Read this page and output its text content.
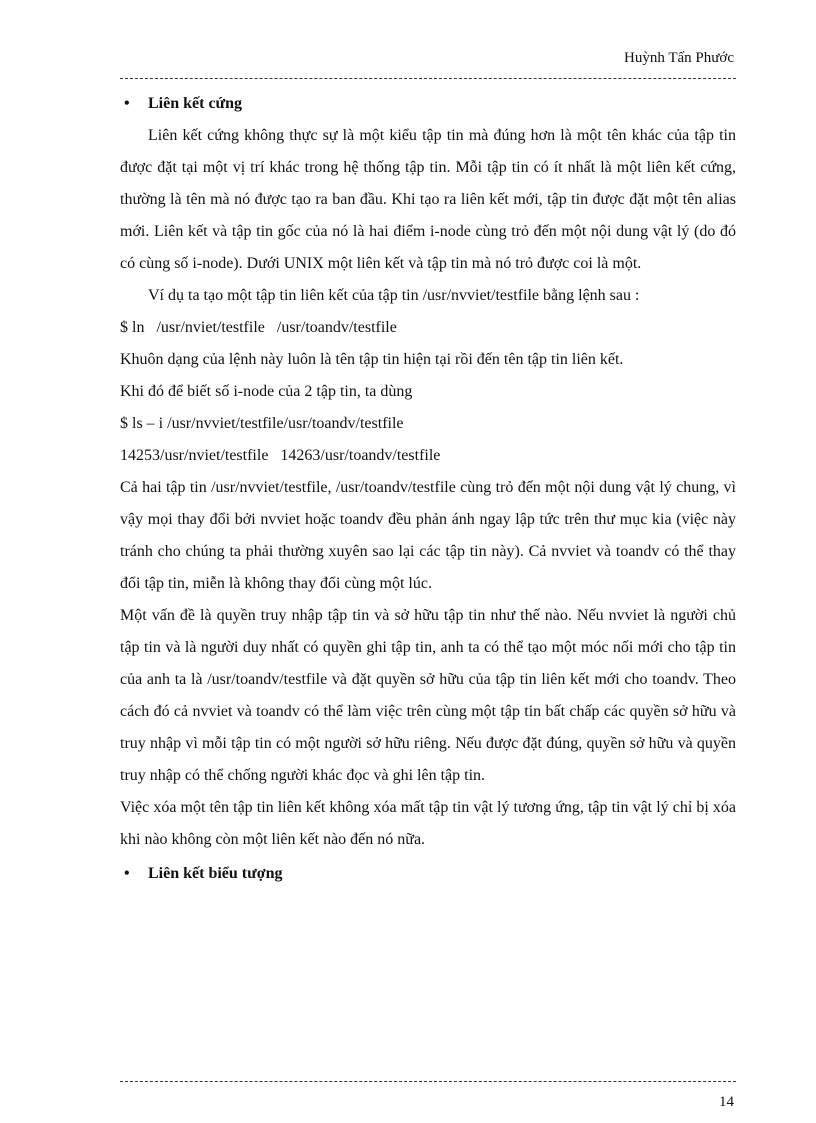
Huỳnh Tấn Phước

• Liên kết cứng

Liên kết cứng không thực sự là một kiểu tập tin mà đúng hơn là một tên khác của tập tin được đặt tại một vị trí khác trong hệ thống tập tin. Mỗi tập tin có ít nhất là một liên kết cứng, thường là tên mà nó được tạo ra ban đầu. Khi tạo ra liên kết mới, tập tin được đặt một tên alias mới. Liên kết và tập tin gốc của nó là hai điểm i-node cùng trỏ đến một nội dung vật lý (do đó có cùng số i-node). Dưới UNIX một liên kết và tập tin mà nó trỏ được coi là một.

Ví dụ ta tạo một tập tin liên kết của tập tin /usr/nvviet/testfile bằng lệnh sau :

$ ln   /usr/nviet/testfile   /usr/toandv/testfile

Khuôn dạng của lệnh này luôn là tên tập tin hiện tại rồi đến tên tập tin liên kết.

Khi đó để biết số i-node của 2 tập tin, ta dùng

$ ls – i /usr/nvviet/testfile/usr/toandv/testfile

14253/usr/nviet/testfile   14263/usr/toandv/testfile

Cả hai tập tin /usr/nvviet/testfile, /usr/toandv/testfile cùng trỏ đến một nội dung vật lý chung, vì vậy mọi thay đổi bởi nvviet hoặc toandv đều phản ánh ngay lập tức trên thư mục kia (việc này tránh cho chúng ta phải thường xuyên sao lại các tập tin này). Cả nvviet và toandv có thể thay đổi tập tin, miễn là không thay đổi cùng một lúc.

Một vấn đề là quyền truy nhập tập tin và sở hữu tập tin như thế nào. Nếu nvviet là người chủ tập tin và là người duy nhất có quyền ghi tập tin, anh ta có thể tạo một móc nối mới cho tập tin của anh ta là /usr/toandv/testfile và đặt quyền sở hữu của tập tin liên kết mới cho toandv. Theo cách đó cả nvviet và toandv có thể làm việc trên cùng một tập tin bất chấp các quyền sở hữu và truy nhập vì mỗi tập tin có một người sở hữu riêng. Nếu được đặt đúng, quyền sở hữu và quyền truy nhập có thể chống người khác đọc và ghi lên tập tin.

Việc xóa một tên tập tin liên kết không xóa mất tập tin vật lý tương ứng, tập tin vật lý chỉ bị xóa khi nào không còn một liên kết nào đến nó nữa.

• Liên kết biểu tượng

14
